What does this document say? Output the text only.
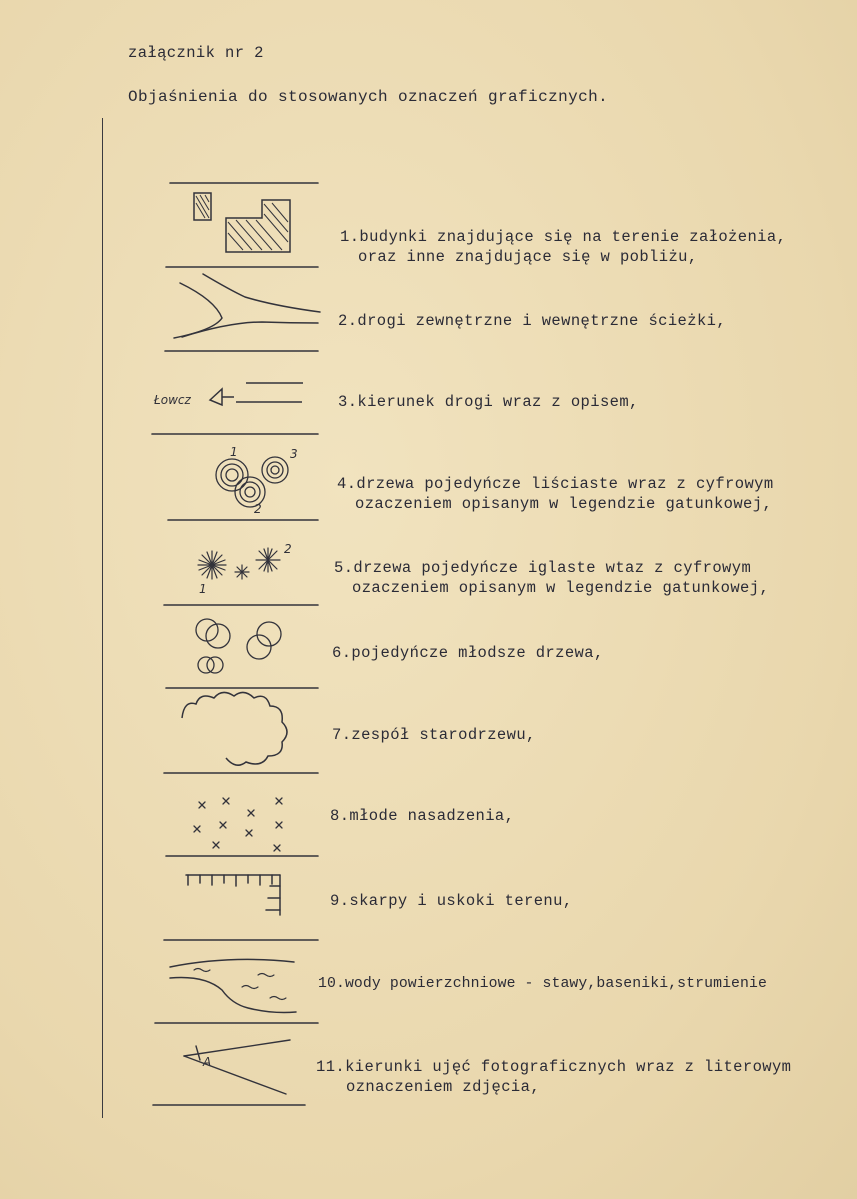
załącznik nr 2

Objaśnienia do stosowanych oznaczeń graficznych.

Łowcz
1
2
3
1
2
A
1.budynki znajdujące się na terenie założenia,
oraz inne znajdujące się w pobliżu,
2.drogi zewnętrzne i wewnętrzne ścieżki,
3.kierunek drogi wraz z opisem,
4.drzewa pojedyńcze liściaste wraz z cyfrowym
ozaczeniem opisanym w legendzie gatunkowej,
5.drzewa pojedyńcze iglaste wtaz z cyfrowym
ozaczeniem opisanym w legendzie gatunkowej,
6.pojedyńcze młodsze drzewa,
7.zespół starodrzewu,
8.młode nasadzenia,
9.skarpy i uskoki terenu,
10.wody powierzchniowe - stawy,baseniki,strumienie
11.kierunki ujęć fotograficznych wraz z literowym
oznaczeniem zdjęcia,
